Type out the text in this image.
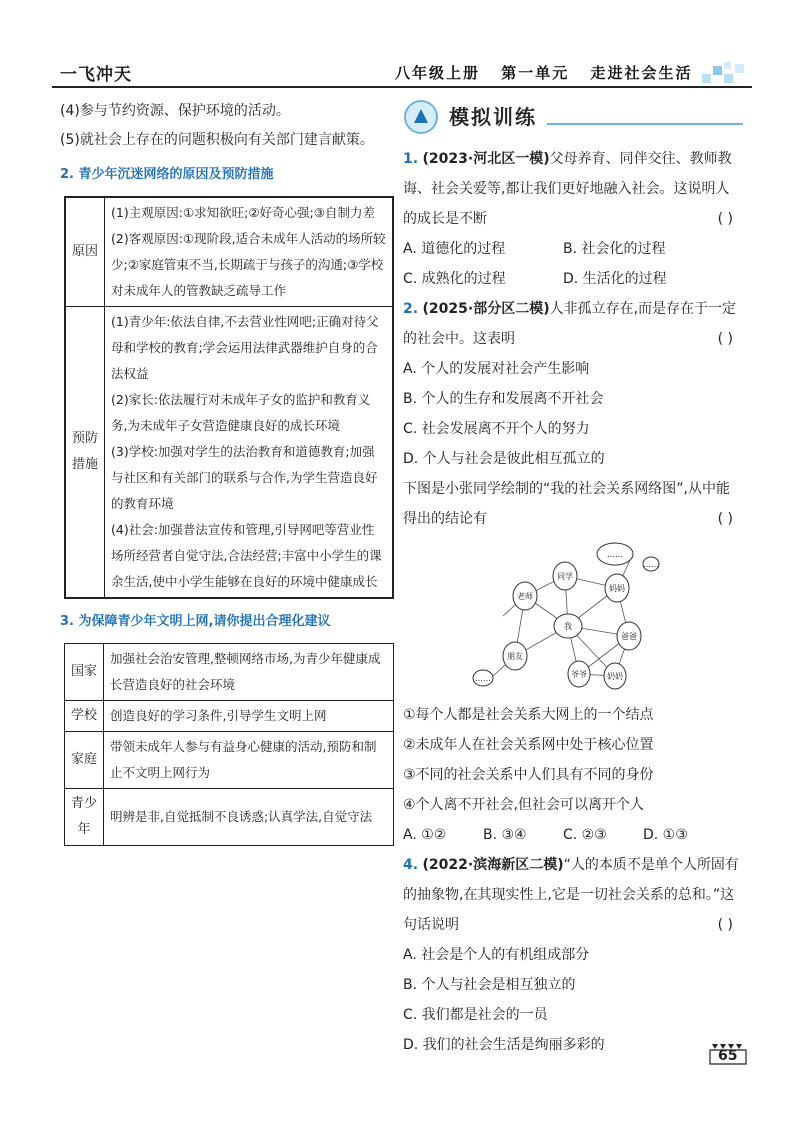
一飞冲天	八年级上册 第一单元 走进社会生活
(4)参与节约资源、保护环境的活动。
(5)就社会上存在的问题积极向有关部门建言献策。
2. 青少年沉迷网络的原因及预防措施
原因	(1)主观原因:①求知欲旺;②好奇心强;③自制力差
(2)客观原因:①现阶段,适合未成年人活动的场所较少;②家庭管束不当,长期疏于与孩子的沟通;③学校对未成年人的管教缺乏疏导工作

预防措施	(1)青少年:依法自律,不去营业性网吧;正确对待父母和学校的教育;学会运用法律武器维护自身的合法权益
(2)家长:依法履行对未成年子女的监护和教育义务,为未成年子女营造健康良好的成长环境
(3)学校:加强对学生的法治教育和道德教育;加强与社区和有关部门的联系与合作,为学生营造良好的教育环境
(4)社会:加强普法宣传和管理,引导网吧等营业性场所经营者自觉守法,合法经营;丰富中小学生的课余生活,使中小学生能够在良好的环境中健康成长
3. 为保障青少年文明上网,请你提出合理化建议
国家	加强社会治安管理,整顿网络市场,为青少年健康成长营造良好的社会环境
学校	创造良好的学习条件,引导学生文明上网
家庭	带领未成年人参与有益身心健康的活动,预防和制止不文明上网行为
青少年	明辨是非,自觉抵制不良诱惑;认真学法,自觉守法
模拟训练
1. (2023·河北区一模)父母养育、同伴交往、教师教诲、社会关爱等,都让我们更好地融入社会。这说明人的成长是不断	( )
A. 道德化的过程	B. 社会化的过程
C. 成熟化的过程	D. 生活化的过程
2. (2025·部分区二模)人非孤立存在,而是存在于一定的社会中。这表明	( )
A. 个人的发展对社会产生影响
B. 个人的生存和发展离不开社会
C. 社会发展离不开个人的努力
D. 个人与社会是彼此相互孤立的
下图是小张同学绘制的“我的社会关系网络图”,从中能得出的结论有	( )
我
同学
妈妈
老师
爸爸
朋友
爷爷	奶奶
……
……
……
①每个人都是社会关系大网上的一个结点
②未成年人在社会关系网中处于核心位置
③不同的社会关系中人们具有不同的身份
④个人离不开社会,但社会可以离开个人
A. ①②	B. ③④	C. ②③	D. ①③
4. (2022·滨海新区二模)“人的本质不是单个人所固有的抽象物,在其现实性上,它是一切社会关系的总和。”这句话说明	( )
A. 社会是个人的有机组成部分
B. 个人与社会是相互独立的
C. 我们都是社会的一员
D. 我们的社会生活是绚丽多彩的
65
